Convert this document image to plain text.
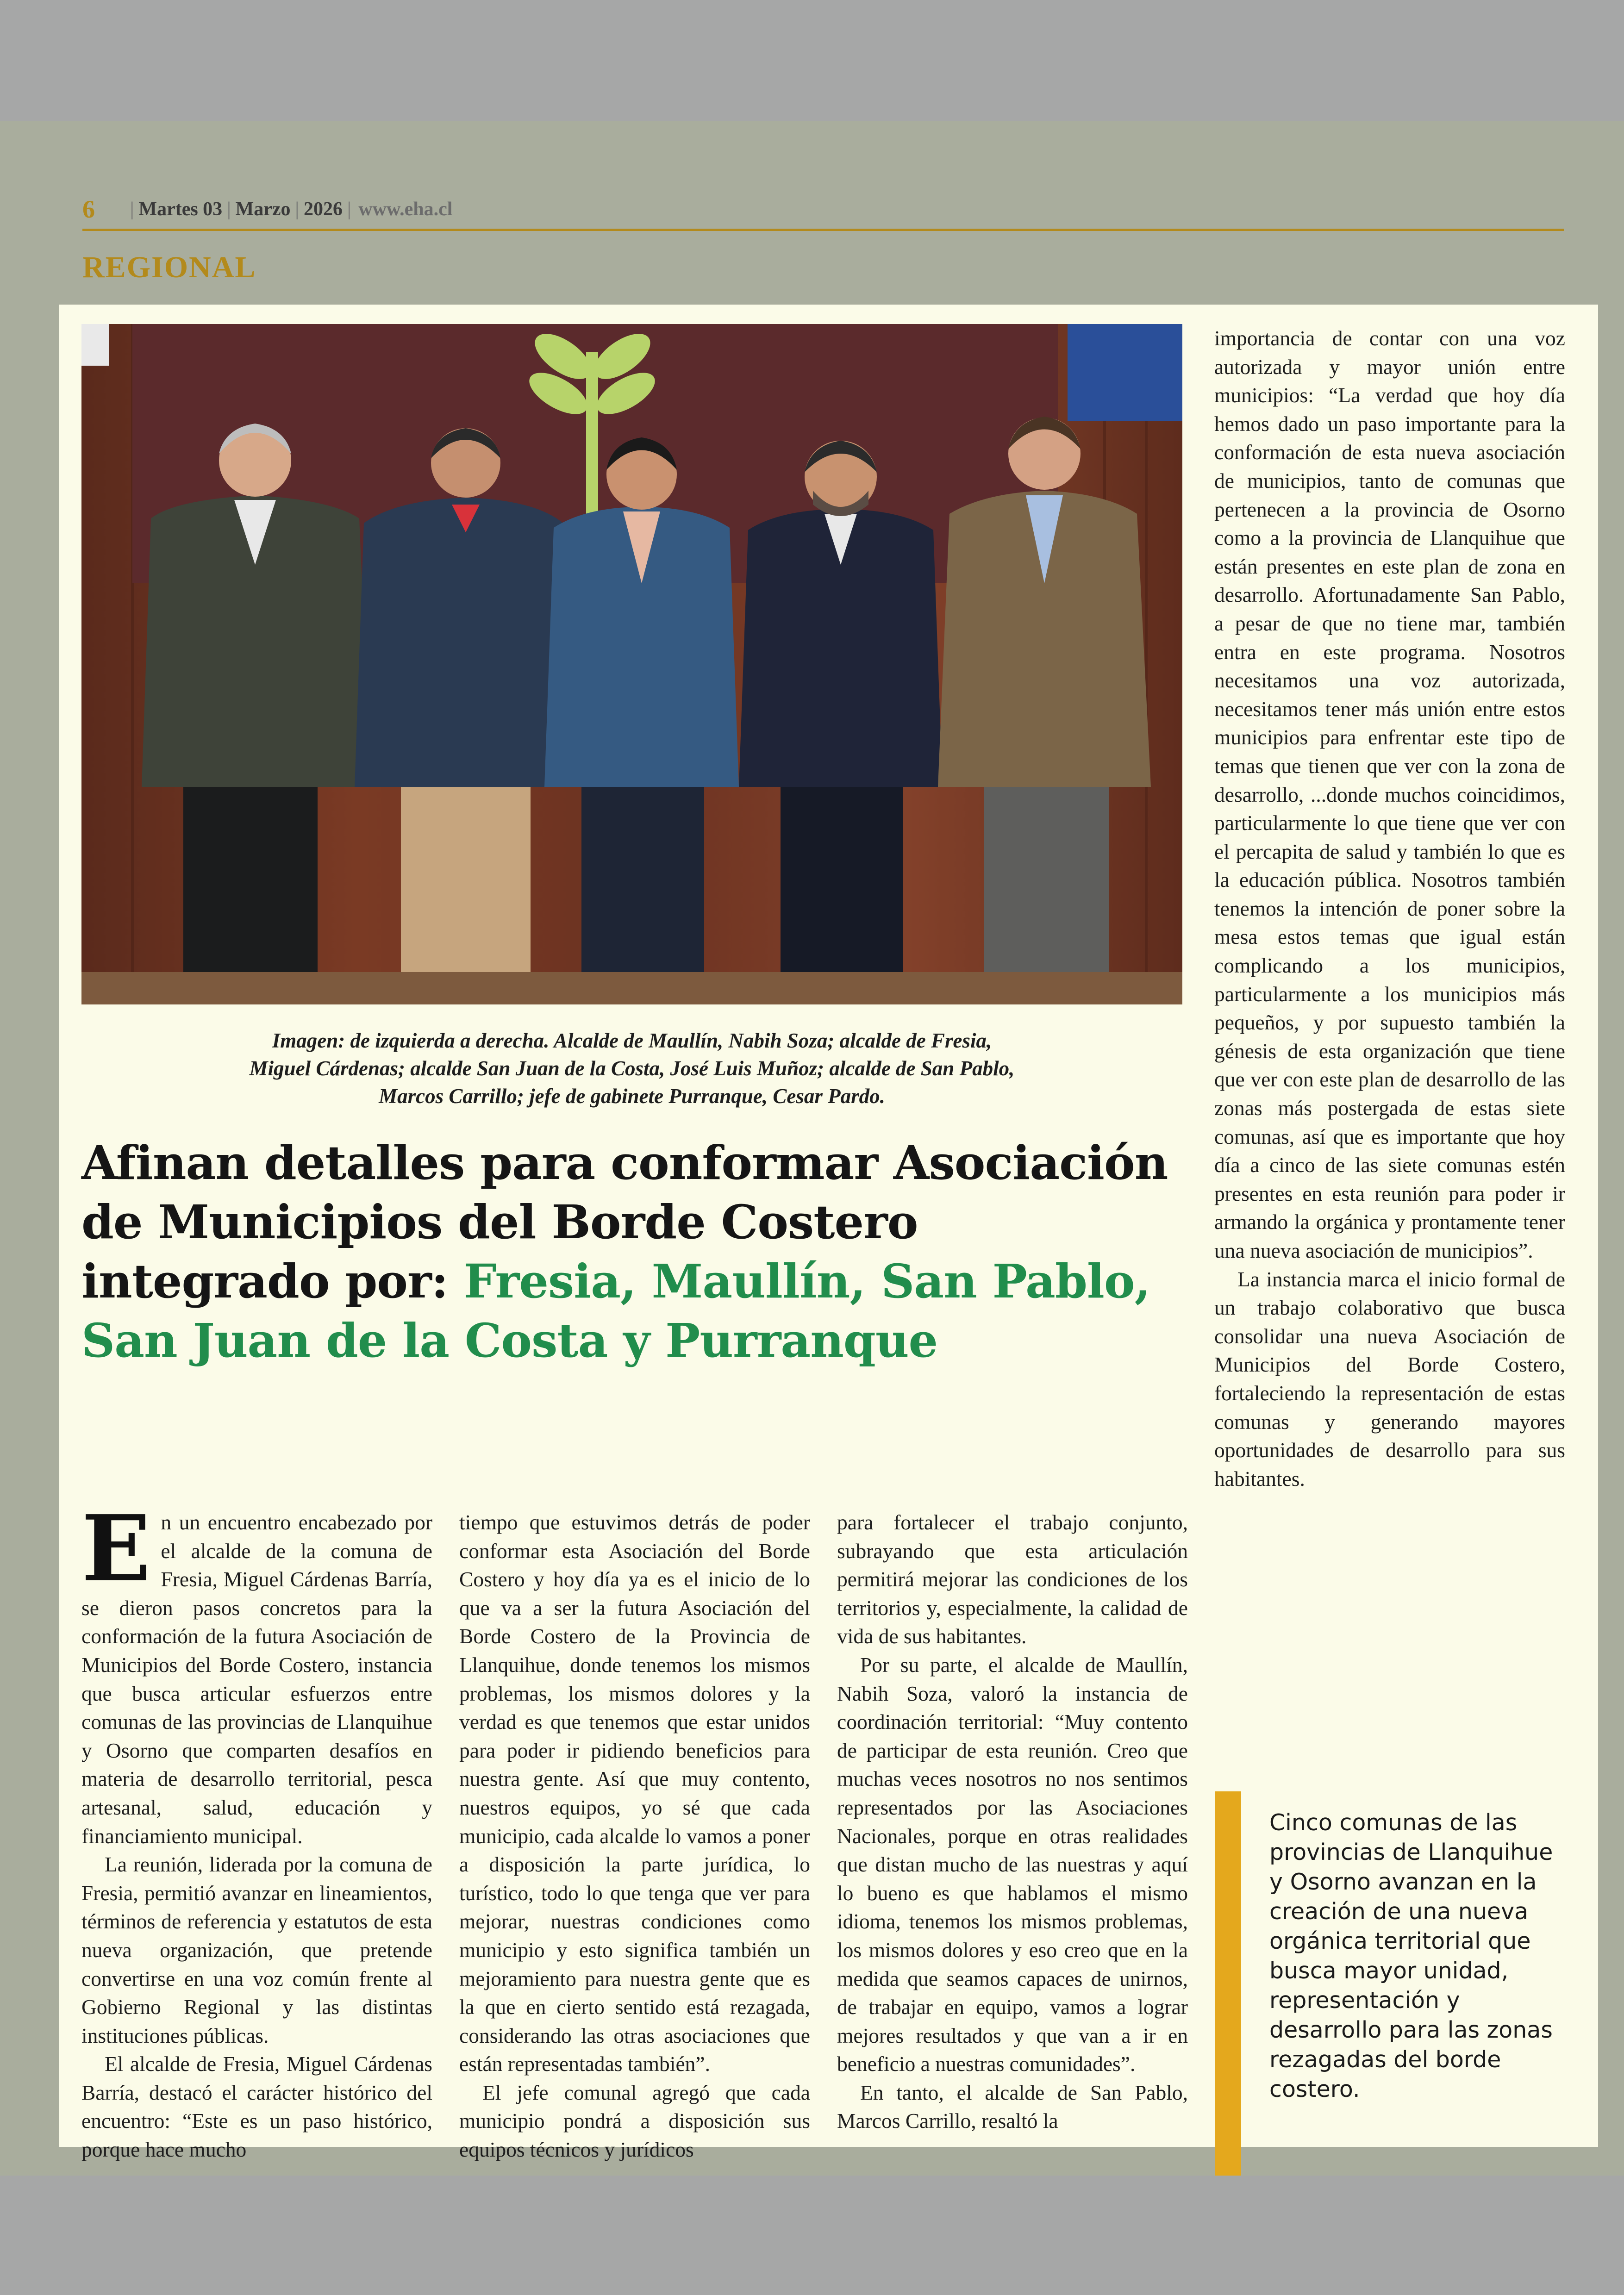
6 | Martes 03 | Marzo | 2026 | www.eha.cl
REGIONAL
Imagen: de izquierda a derecha. Alcalde de Maullín, Nabih Soza; alcalde de Fresia,
Miguel Cárdenas; alcalde San Juan de la Costa, José Luis Muñoz; alcalde de San Pablo,
Marcos Carrillo; jefe de gabinete Purranque, Cesar Pardo.
Afinan detalles para conformar Asociación
de Municipios del Borde Costero
integrado por: Fresia, Maullín, San Pablo,
San Juan de la Costa y Purranque

En un encuentro encabezado por el alcalde de la comuna de Fresia, Miguel Cárdenas Barría, se dieron pasos concretos para la conformación de la futura Asociación de Municipios del Borde Costero, instancia que busca articular esfuerzos entre comunas de las provincias de Llanquihue y Osorno que comparten desafíos en materia de desarrollo territorial, pesca artesanal, salud, educación y financiamiento municipal.

La reunión, liderada por la comuna de Fresia, permitió avanzar en lineamientos, términos de referencia y estatutos de esta nueva organización, que pretende convertirse en una voz común frente al Gobierno Regional y las distintas instituciones públicas.

El alcalde de Fresia, Miguel Cárdenas Barría, destacó el carácter histórico del encuentro: “Este es un paso histórico, porque hace mucho

tiempo que estuvimos detrás de poder conformar esta Asociación del Borde Costero y hoy día ya es el inicio de lo que va a ser la futura Asociación del Borde Costero de la Provincia de Llanquihue, donde tenemos los mismos problemas, los mismos dolores y la verdad es que tenemos que estar unidos para poder ir pidiendo beneficios para nuestra gente. Así que muy contento, nuestros equipos, yo sé que cada municipio, cada alcalde lo vamos a poner a disposición la parte jurídica, lo turístico, todo lo que tenga que ver para mejorar, nuestras condiciones como municipio y esto significa también un mejoramiento para nuestra gente que es la que en cierto sentido está rezagada, considerando las otras asociaciones que están representadas también”.

El jefe comunal agregó que cada municipio pondrá a disposición sus equipos técnicos y jurídicos

para fortalecer el trabajo conjunto, subrayando que esta articulación permitirá mejorar las condiciones de los territorios y, especialmente, la calidad de vida de sus habitantes.

Por su parte, el alcalde de Maullín, Nabih Soza, valoró la instancia de coordinación territorial: “Muy contento de participar de esta reunión. Creo que muchas veces nosotros no nos sentimos representados por las Asociaciones Nacionales, porque en otras realidades que distan mucho de las nuestras y aquí lo bueno es que hablamos el mismo idioma, tenemos los mismos problemas, los mismos dolores y eso creo que en la medida que seamos capaces de unirnos, de trabajar en equipo, vamos a lograr mejores resultados y que van a ir en beneficio a nuestras comunidades”.

En tanto, el alcalde de San Pablo, Marcos Carrillo, resaltó la

importancia de contar con una voz autorizada y mayor unión entre municipios: “La verdad que hoy día hemos dado un paso importante para la conformación de esta nueva asociación de municipios, tanto de comunas que pertenecen a la provincia de Osorno como a la provincia de Llanquihue que están presentes en este plan de zona en desarrollo. Afortunadamente San Pablo, a pesar de que no tiene mar, también entra en este programa. Nosotros necesitamos una voz autorizada, necesitamos tener más unión entre estos municipios para enfrentar este tipo de temas que tienen que ver con la zona de desarrollo, ...donde muchos coincidimos, particularmente lo que tiene que ver con el percapita de salud y también lo que es la educación pública. Nosotros también tenemos la intención de poner sobre la mesa estos temas que igual están complicando a los municipios, particularmente a los municipios más pequeños, y por supuesto también la génesis de esta organización que tiene que ver con este plan de desarrollo de las zonas más postergada de estas siete comunas, así que es importante que hoy día a cinco de las siete comunas estén presentes en esta reunión para poder ir armando la orgánica y prontamente tener una nueva asociación de municipios”.

La instancia marca el inicio formal de un trabajo colaborativo que busca consolidar una nueva Asociación de Municipios del Borde Costero, fortaleciendo la representación de estas comunas y generando mayores oportunidades de desarrollo para sus habitantes.

Cinco comunas de las provincias de Llanquihue y Osorno avanzan en la creación de una nueva orgánica territorial que busca mayor unidad, representación y desarrollo para las zonas rezagadas del borde costero.
